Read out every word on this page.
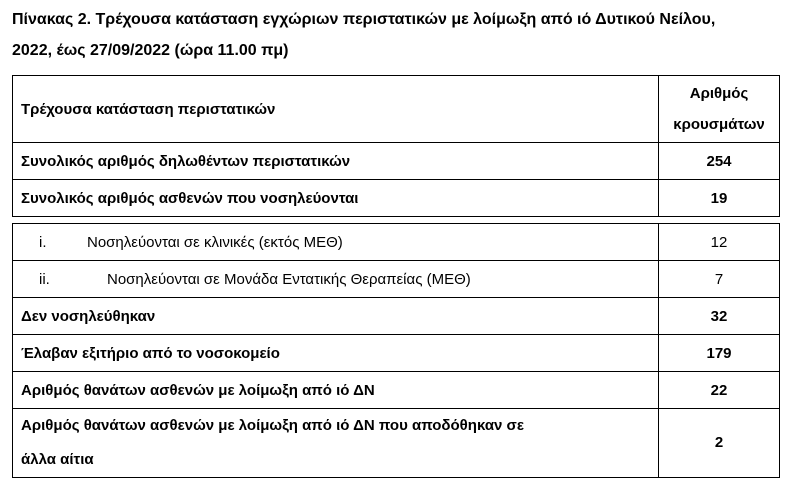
Πίνακας 2. Τρέχουσα κατάσταση εγχώριων περιστατικών με λοίμωξη από ιό Δυτικού Νείλου,
2022, έως 27/09/2022 (ώρα 11.00 πμ)
Τρέχουσα κατάσταση περιστατικών	Αριθμός
κρουσμάτων

Συνολικός αριθμός δηλωθέντων περιστατικών	254
Συνολικός αριθμός ασθενών που νοσηλεύονται	19

i. Νοσηλεύονται σε κλινικές (εκτός ΜΕΘ)	12
ii. Νοσηλεύονται σε Μονάδα Εντατικής Θεραπείας (ΜΕΘ)	7
Δεν νοσηλεύθηκαν	32
Έλαβαν εξιτήριο από το νοσοκομείο	179
Αριθμός θανάτων ασθενών με λοίμωξη από ιό ΔΝ	22

Αριθμός θανάτων ασθενών με λοίμωξη από ιό ΔΝ που αποδόθηκαν σε
άλλα αίτια	2
